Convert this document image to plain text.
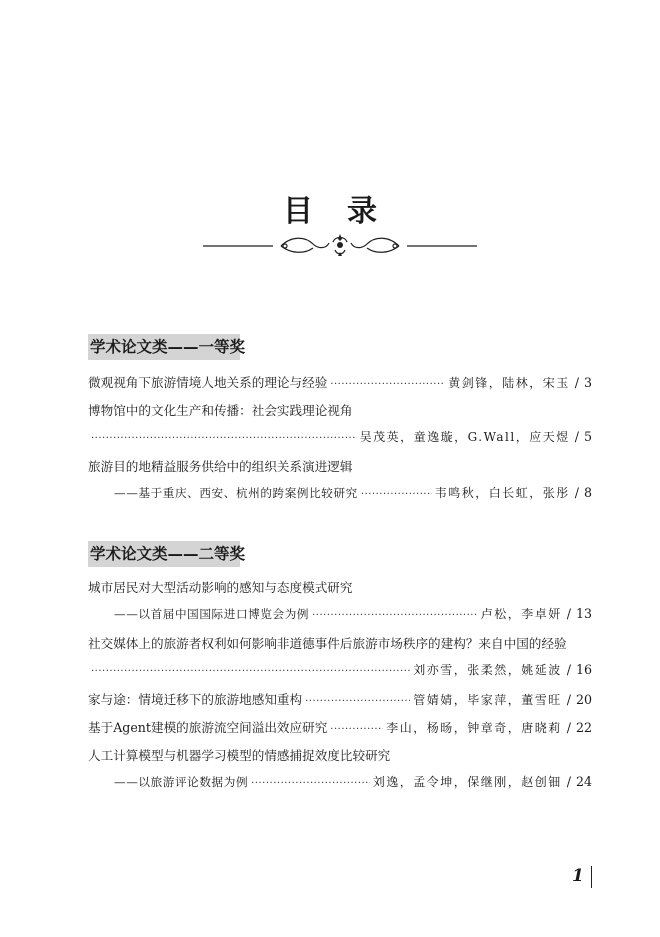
目 录
学术论文类——一等奖
微观视角下旅游情境人地关系的理论与经验 ·····	黄剑锋，陆林，宋玉 / 3
博物馆中的文化生产和传播：社会实践理论视角
·····
吴茂英，童逸璇，G.Wall，应天煜 / 5
旅游目的地精益服务供给中的组织关系演进逻辑
——基于重庆、西安、杭州的跨案例比较研究 ·····	韦鸣秋，白长虹，张彤 / 8
学术论文类——二等奖
城市居民对大型活动影响的感知与态度模式研究
——以首届中国国际进口博览会为例 ·····	卢松，李卓妍 / 13
社交媒体上的旅游者权利如何影响非道德事件后旅游市场秩序的建构？来自中国的经验
·····
刘亦雪，张柔然，姚延波 / 16
家与途：情境迁移下的旅游地感知重构 ·····	管婧婧，毕家萍，董雪旺 / 20
基于Agent建模的旅游流空间溢出效应研究 ·····	李山，杨旸，钟章奇，唐晓莉 / 22
人工计算模型与机器学习模型的情感捕捉效度比较研究
——以旅游评论数据为例 ·····	刘逸，孟令坤，保继刚，赵创钿 / 24
1
